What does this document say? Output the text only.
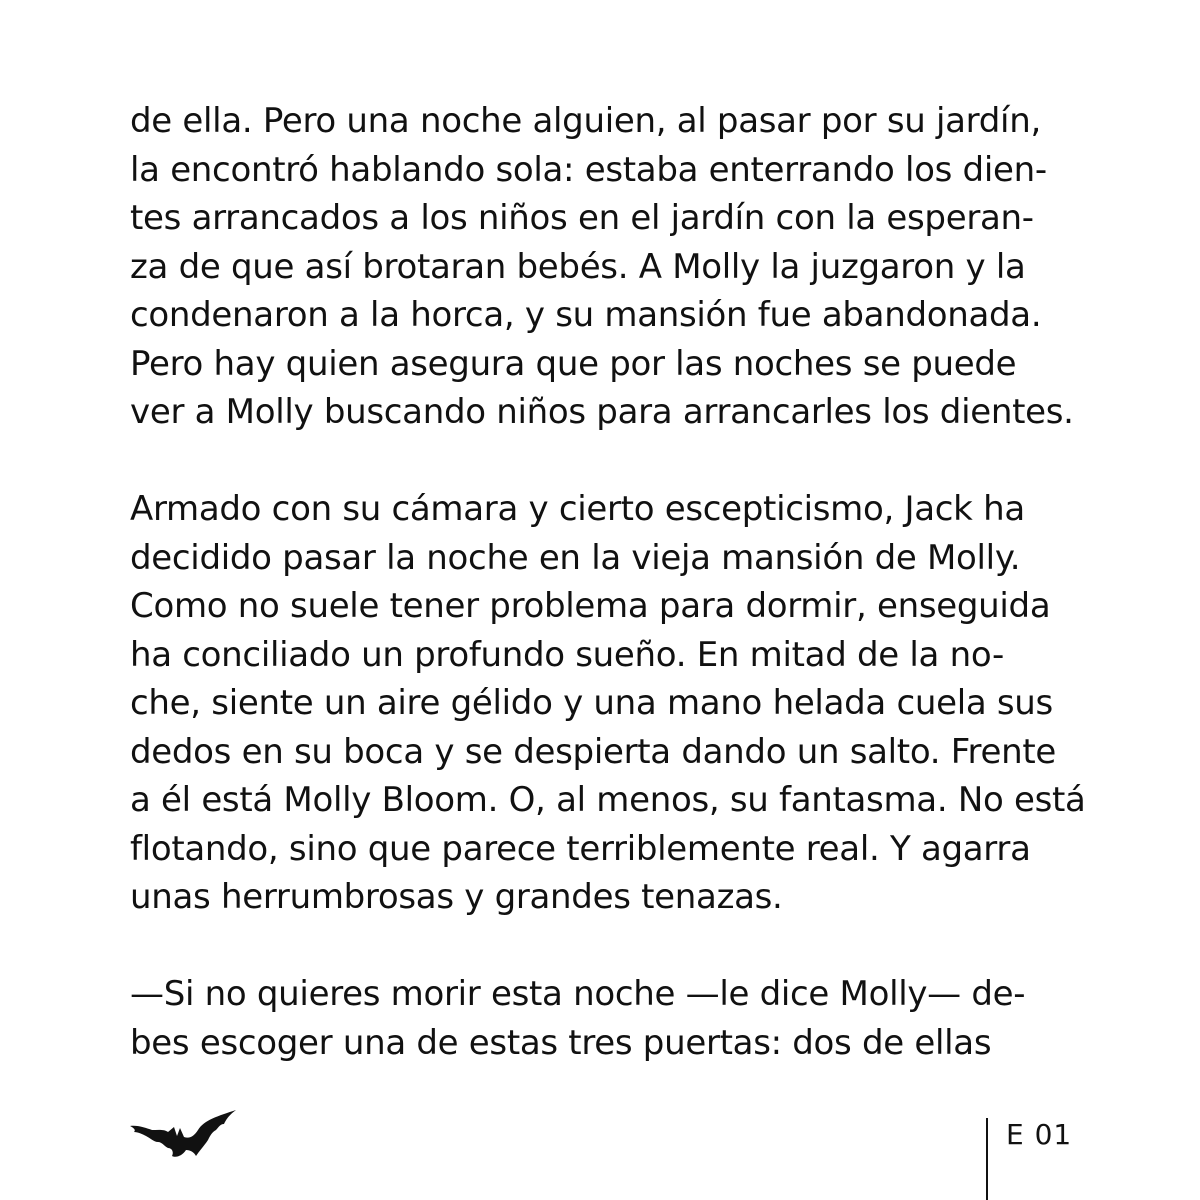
de ella. Pero una noche alguien, al pasar por su jardín,
la encontró hablando sola: estaba enterrando los dien-
tes arrancados a los niños en el jardín con la esperan-
za de que así brotaran bebés. A Molly la juzgaron y la
condenaron a la horca, y su mansión fue abandonada.
Pero hay quien asegura que por las noches se puede
ver a Molly buscando niños para arrancarles los dientes.
Armado con su cámara y cierto escepticismo, Jack ha
decidido pasar la noche en la vieja mansión de Molly.
Como no suele tener problema para dormir, enseguida
ha conciliado un profundo sueño. En mitad de la no-
che, siente un aire gélido y una mano helada cuela sus
dedos en su boca y se despierta dando un salto. Frente
a él está Molly Bloom. O, al menos, su fantasma. No está
flotando, sino que parece terriblemente real. Y agarra
unas herrumbrosas y grandes tenazas.
—Si no quieres morir esta noche —le dice Molly— de-
bes escoger una de estas tres puertas: dos de ellas
E 01
